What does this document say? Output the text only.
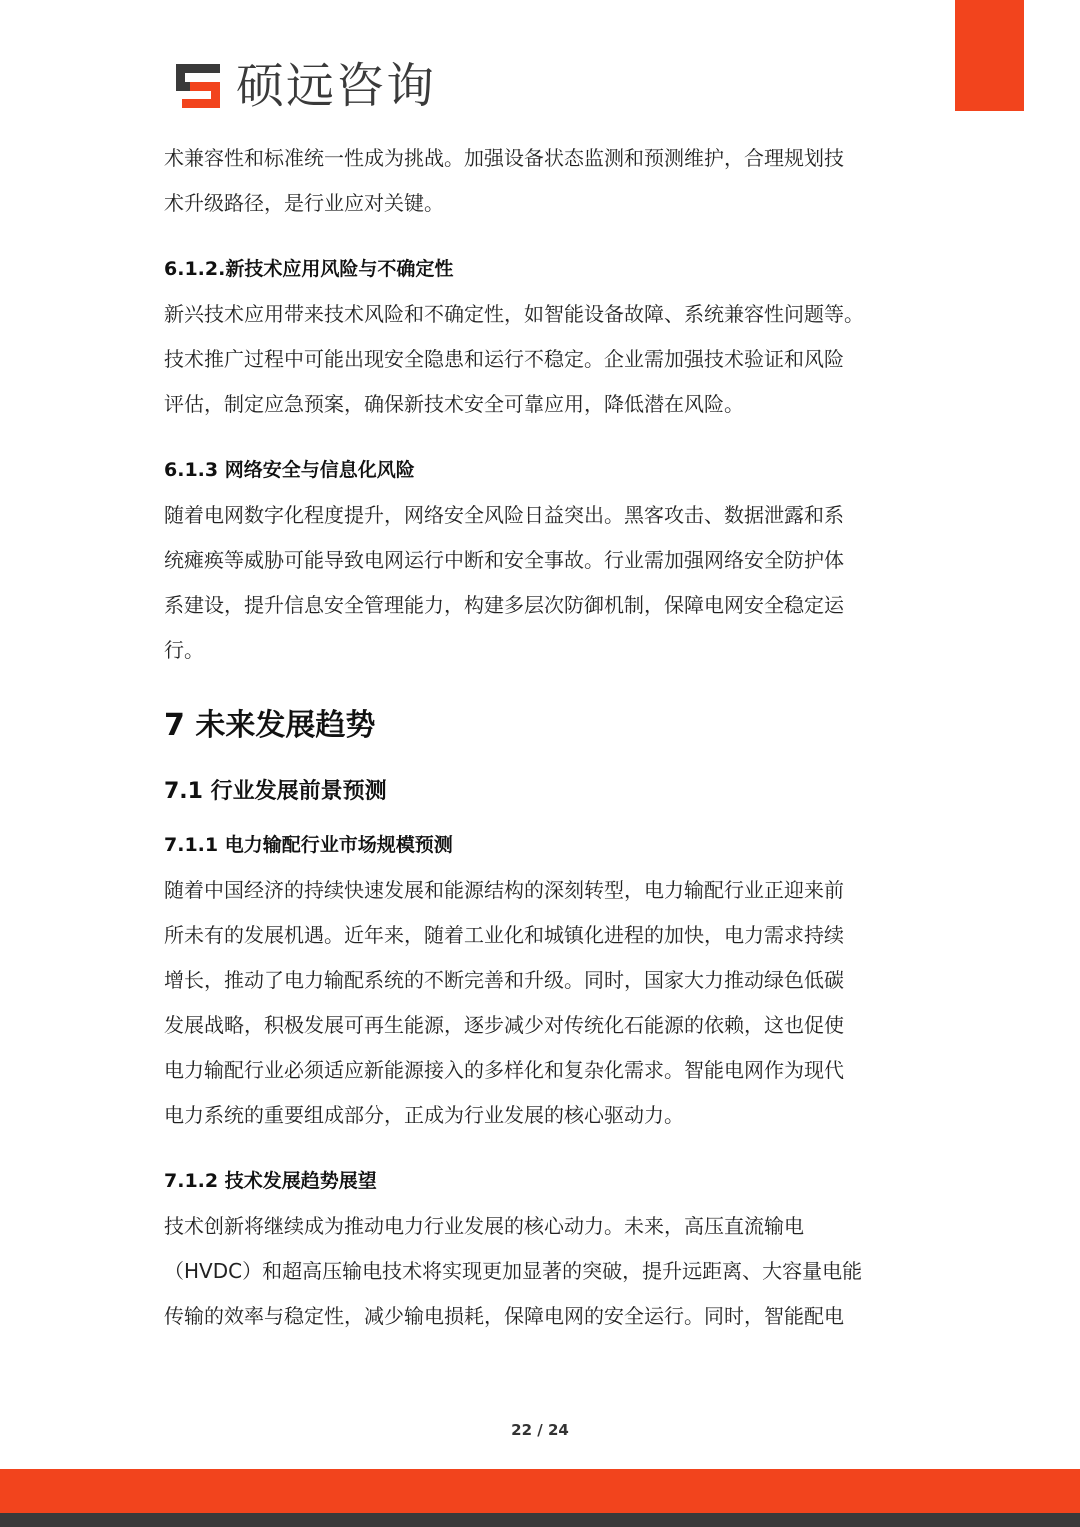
硕远咨询

术兼容性和标准统一性成为挑战。加强设备状态监测和预测维护，合理规划技
术升级路径，是行业应对关键。

6.1.2.新技术应用风险与不确定性

新兴技术应用带来技术风险和不确定性，如智能设备故障、系统兼容性问题等。
技术推广过程中可能出现安全隐患和运行不稳定。企业需加强技术验证和风险
评估，制定应急预案，确保新技术安全可靠应用，降低潜在风险。

6.1.3 网络安全与信息化风险

随着电网数字化程度提升，网络安全风险日益突出。黑客攻击、数据泄露和系
统瘫痪等威胁可能导致电网运行中断和安全事故。行业需加强网络安全防护体
系建设，提升信息安全管理能力，构建多层次防御机制，保障电网安全稳定运
行。

7 未来发展趋势

7.1 行业发展前景预测

7.1.1 电力输配行业市场规模预测

随着中国经济的持续快速发展和能源结构的深刻转型，电力输配行业正迎来前
所未有的发展机遇。近年来，随着工业化和城镇化进程的加快，电力需求持续
增长，推动了电力输配系统的不断完善和升级。同时，国家大力推动绿色低碳
发展战略，积极发展可再生能源，逐步减少对传统化石能源的依赖，这也促使
电力输配行业必须适应新能源接入的多样化和复杂化需求。智能电网作为现代
电力系统的重要组成部分，正成为行业发展的核心驱动力。

7.1.2 技术发展趋势展望

技术创新将继续成为推动电力行业发展的核心动力。未来，高压直流输电
（HVDC）和超高压输电技术将实现更加显著的突破，提升远距离、大容量电能
传输的效率与稳定性，减少输电损耗，保障电网的安全运行。同时，智能配电

22 / 24
